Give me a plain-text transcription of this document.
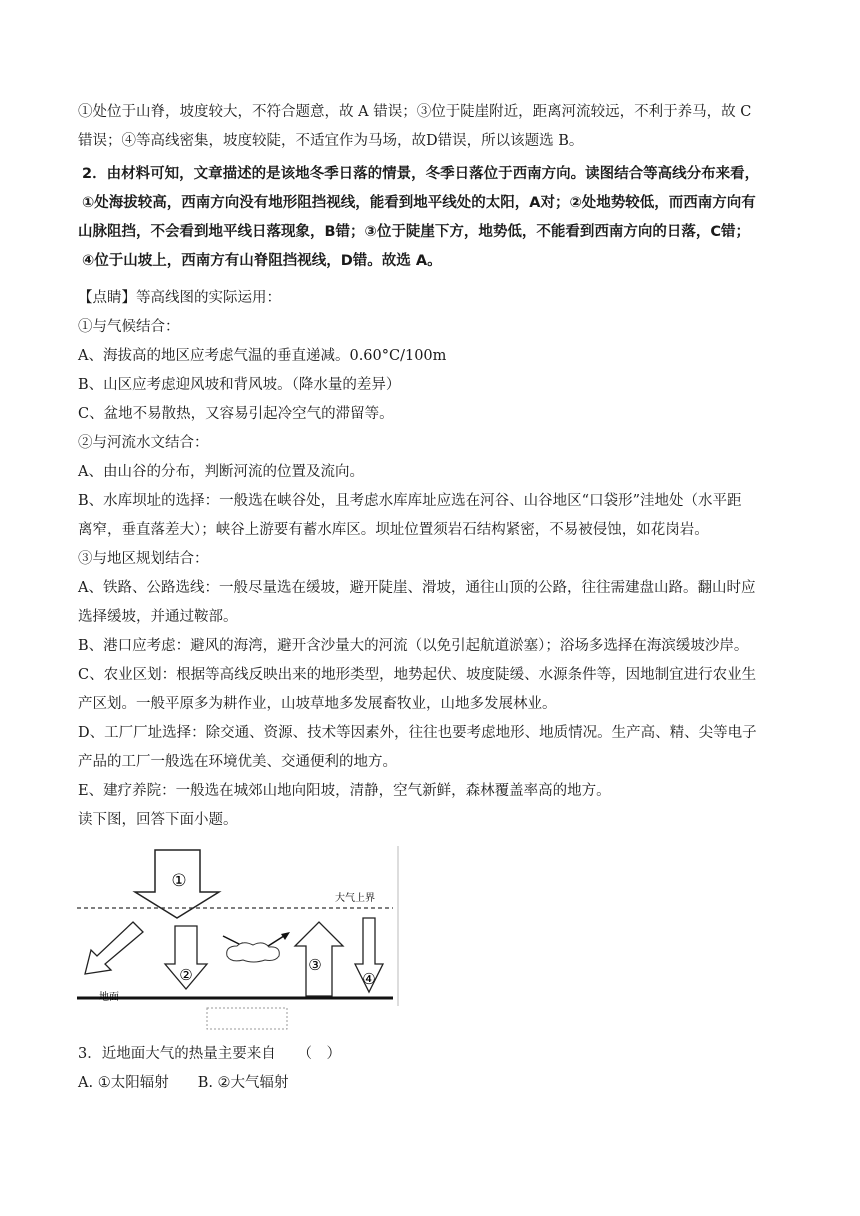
①处位于山脊，坡度较大，不符合题意，故 A 错误；③位于陡崖附近，距离河流较远，不利于养马，故 C
错误；④等高线密集，坡度较陡，不适宜作为马场，故D错误，所以该题选 B。
2．由材料可知，文章描述的是该地冬季日落的情景，冬季日落位于西南方向。读图结合等高线分布来看，
①处海拔较高，西南方向没有地形阻挡视线，能看到地平线处的太阳，A对；②处地势较低，而西南方向有
山脉阻挡，不会看到地平线日落现象，B错；③位于陡崖下方，地势低，不能看到西南方向的日落，C错；
④位于山坡上，西南方有山脊阻挡视线，D错。故选 A。
【点睛】等高线图的实际运用：
①与气候结合：
A、海拔高的地区应考虑气温的垂直递减。0.60°C/100m
B、山区应考虑迎风坡和背风坡。（降水量的差异）
C、盆地不易散热，又容易引起冷空气的滞留等。
②与河流水文结合：
A、由山谷的分布，判断河流的位置及流向。
B、水库坝址的选择：一般选在峡谷处，且考虑水库库址应选在河谷、山谷地区“口袋形”洼地处（水平距
离窄，垂直落差大）；峡谷上游要有蓄水库区。坝址位置须岩石结构紧密，不易被侵蚀，如花岗岩。
③与地区规划结合：
A、铁路、公路选线：一般尽量选在缓坡，避开陡崖、滑坡，通往山顶的公路，往往需建盘山路。翻山时应
选择缓坡，并通过鞍部。
B、港口应考虑：避风的海湾，避开含沙量大的河流（以免引起航道淤塞）；浴场多选择在海滨缓坡沙岸。
C、农业区划：根据等高线反映出来的地形类型，地势起伏、坡度陡缓、水源条件等，因地制宜进行农业生
产区划。一般平原多为耕作业，山坡草地多发展畜牧业，山地多发展林业。
D、工厂厂址选择：除交通、资源、技术等因素外，往往也要考虑地形、地质情况。生产高、精、尖等电子
产品的工厂一般选在环境优美、交通便利的地方。
E、建疗养院：一般选在城郊山地向阳坡，清静，空气新鲜，森林覆盖率高的地方。
读下图，回答下面小题。
①
大气上界
②
③
④
地面
3．近地面大气的热量主要来自　　（　）
A. ①太阳辐射　　B. ②大气辐射
